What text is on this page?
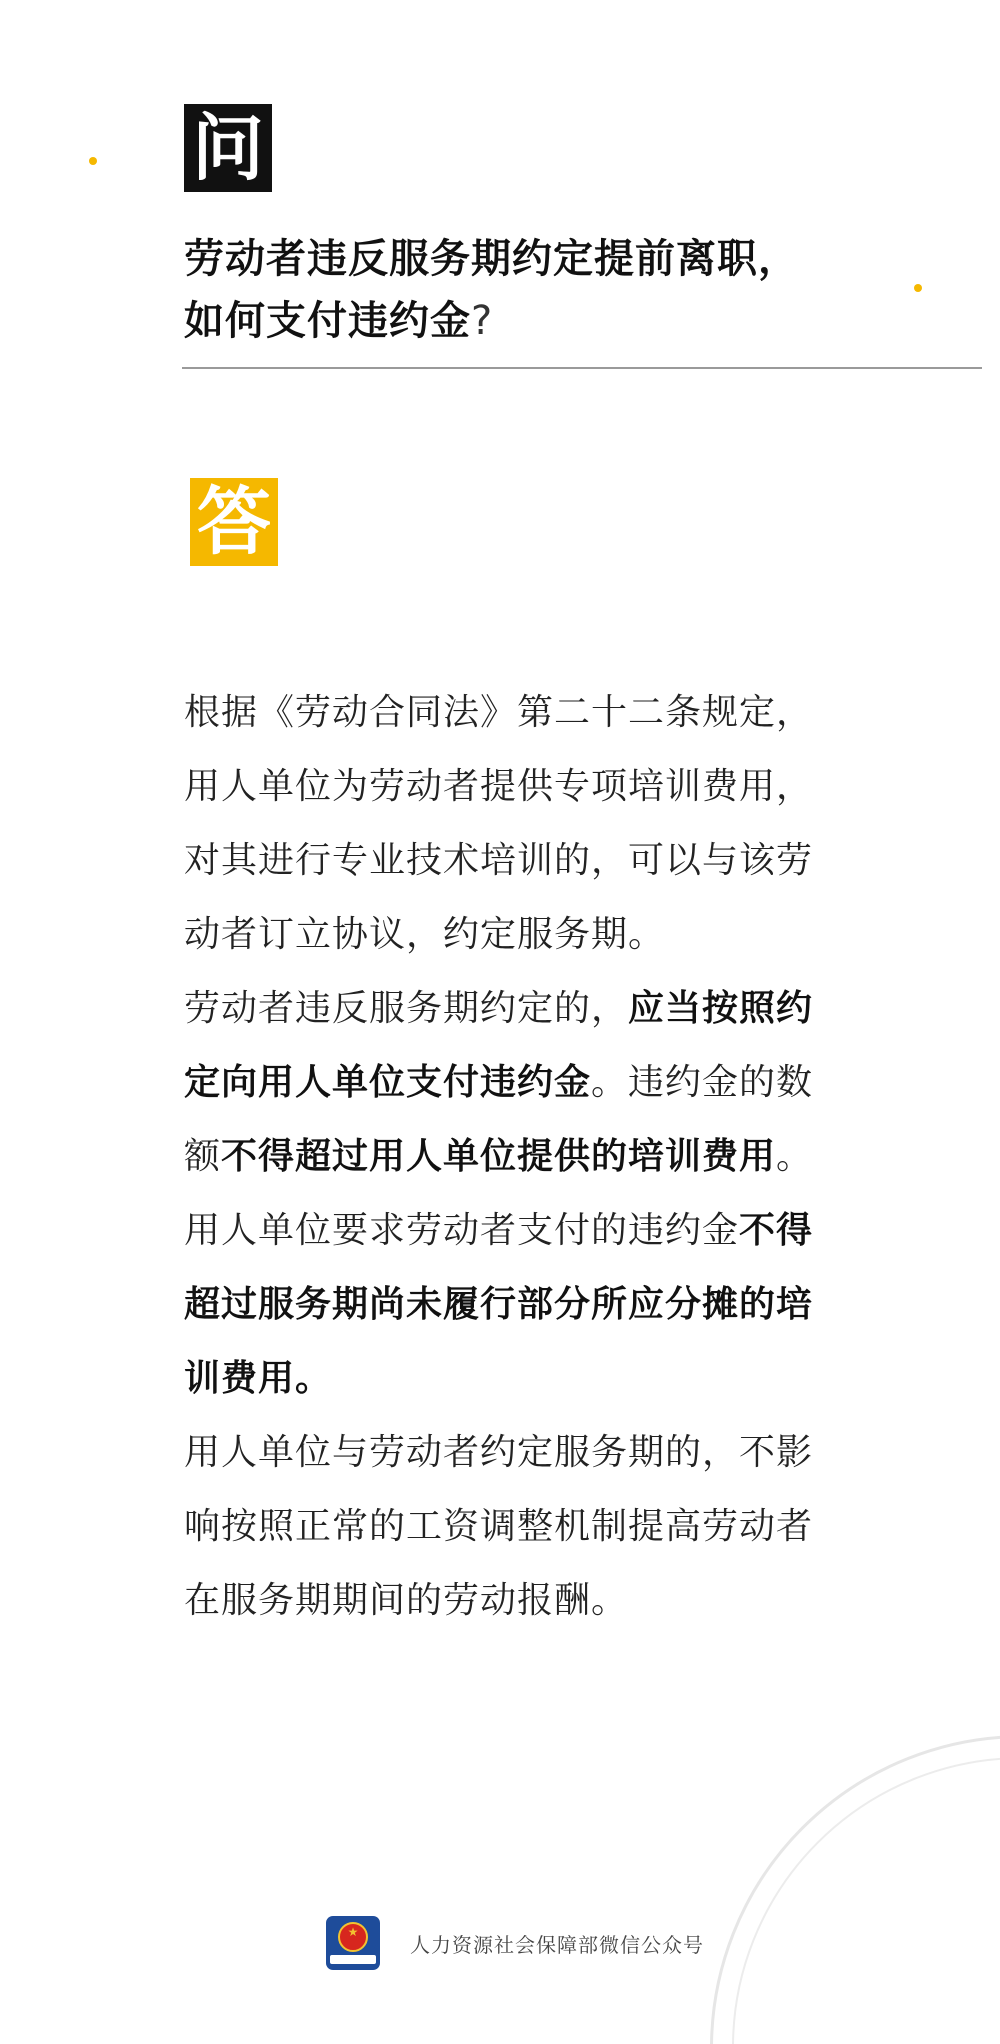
问
劳动者违反服务期约定提前离职，
如何支付违约金?
答

根据《劳动合同法》第二十二条规定，用人单位为劳动者提供专项培训费用，对其进行专业技术培训的，可以与该劳动者订立协议，约定服务期。

劳动者违反服务期约定的，应当按照约定向用人单位支付违约金。违约金的数额不得超过用人单位提供的培训费用。用人单位要求劳动者支付的违约金不得超过服务期尚未履行部分所应分摊的培训费用。

用人单位与劳动者约定服务期的，不影响按照正常的工资调整机制提高劳动者在服务期期间的劳动报酬。

★
人力资源社会保障部微信公众号
